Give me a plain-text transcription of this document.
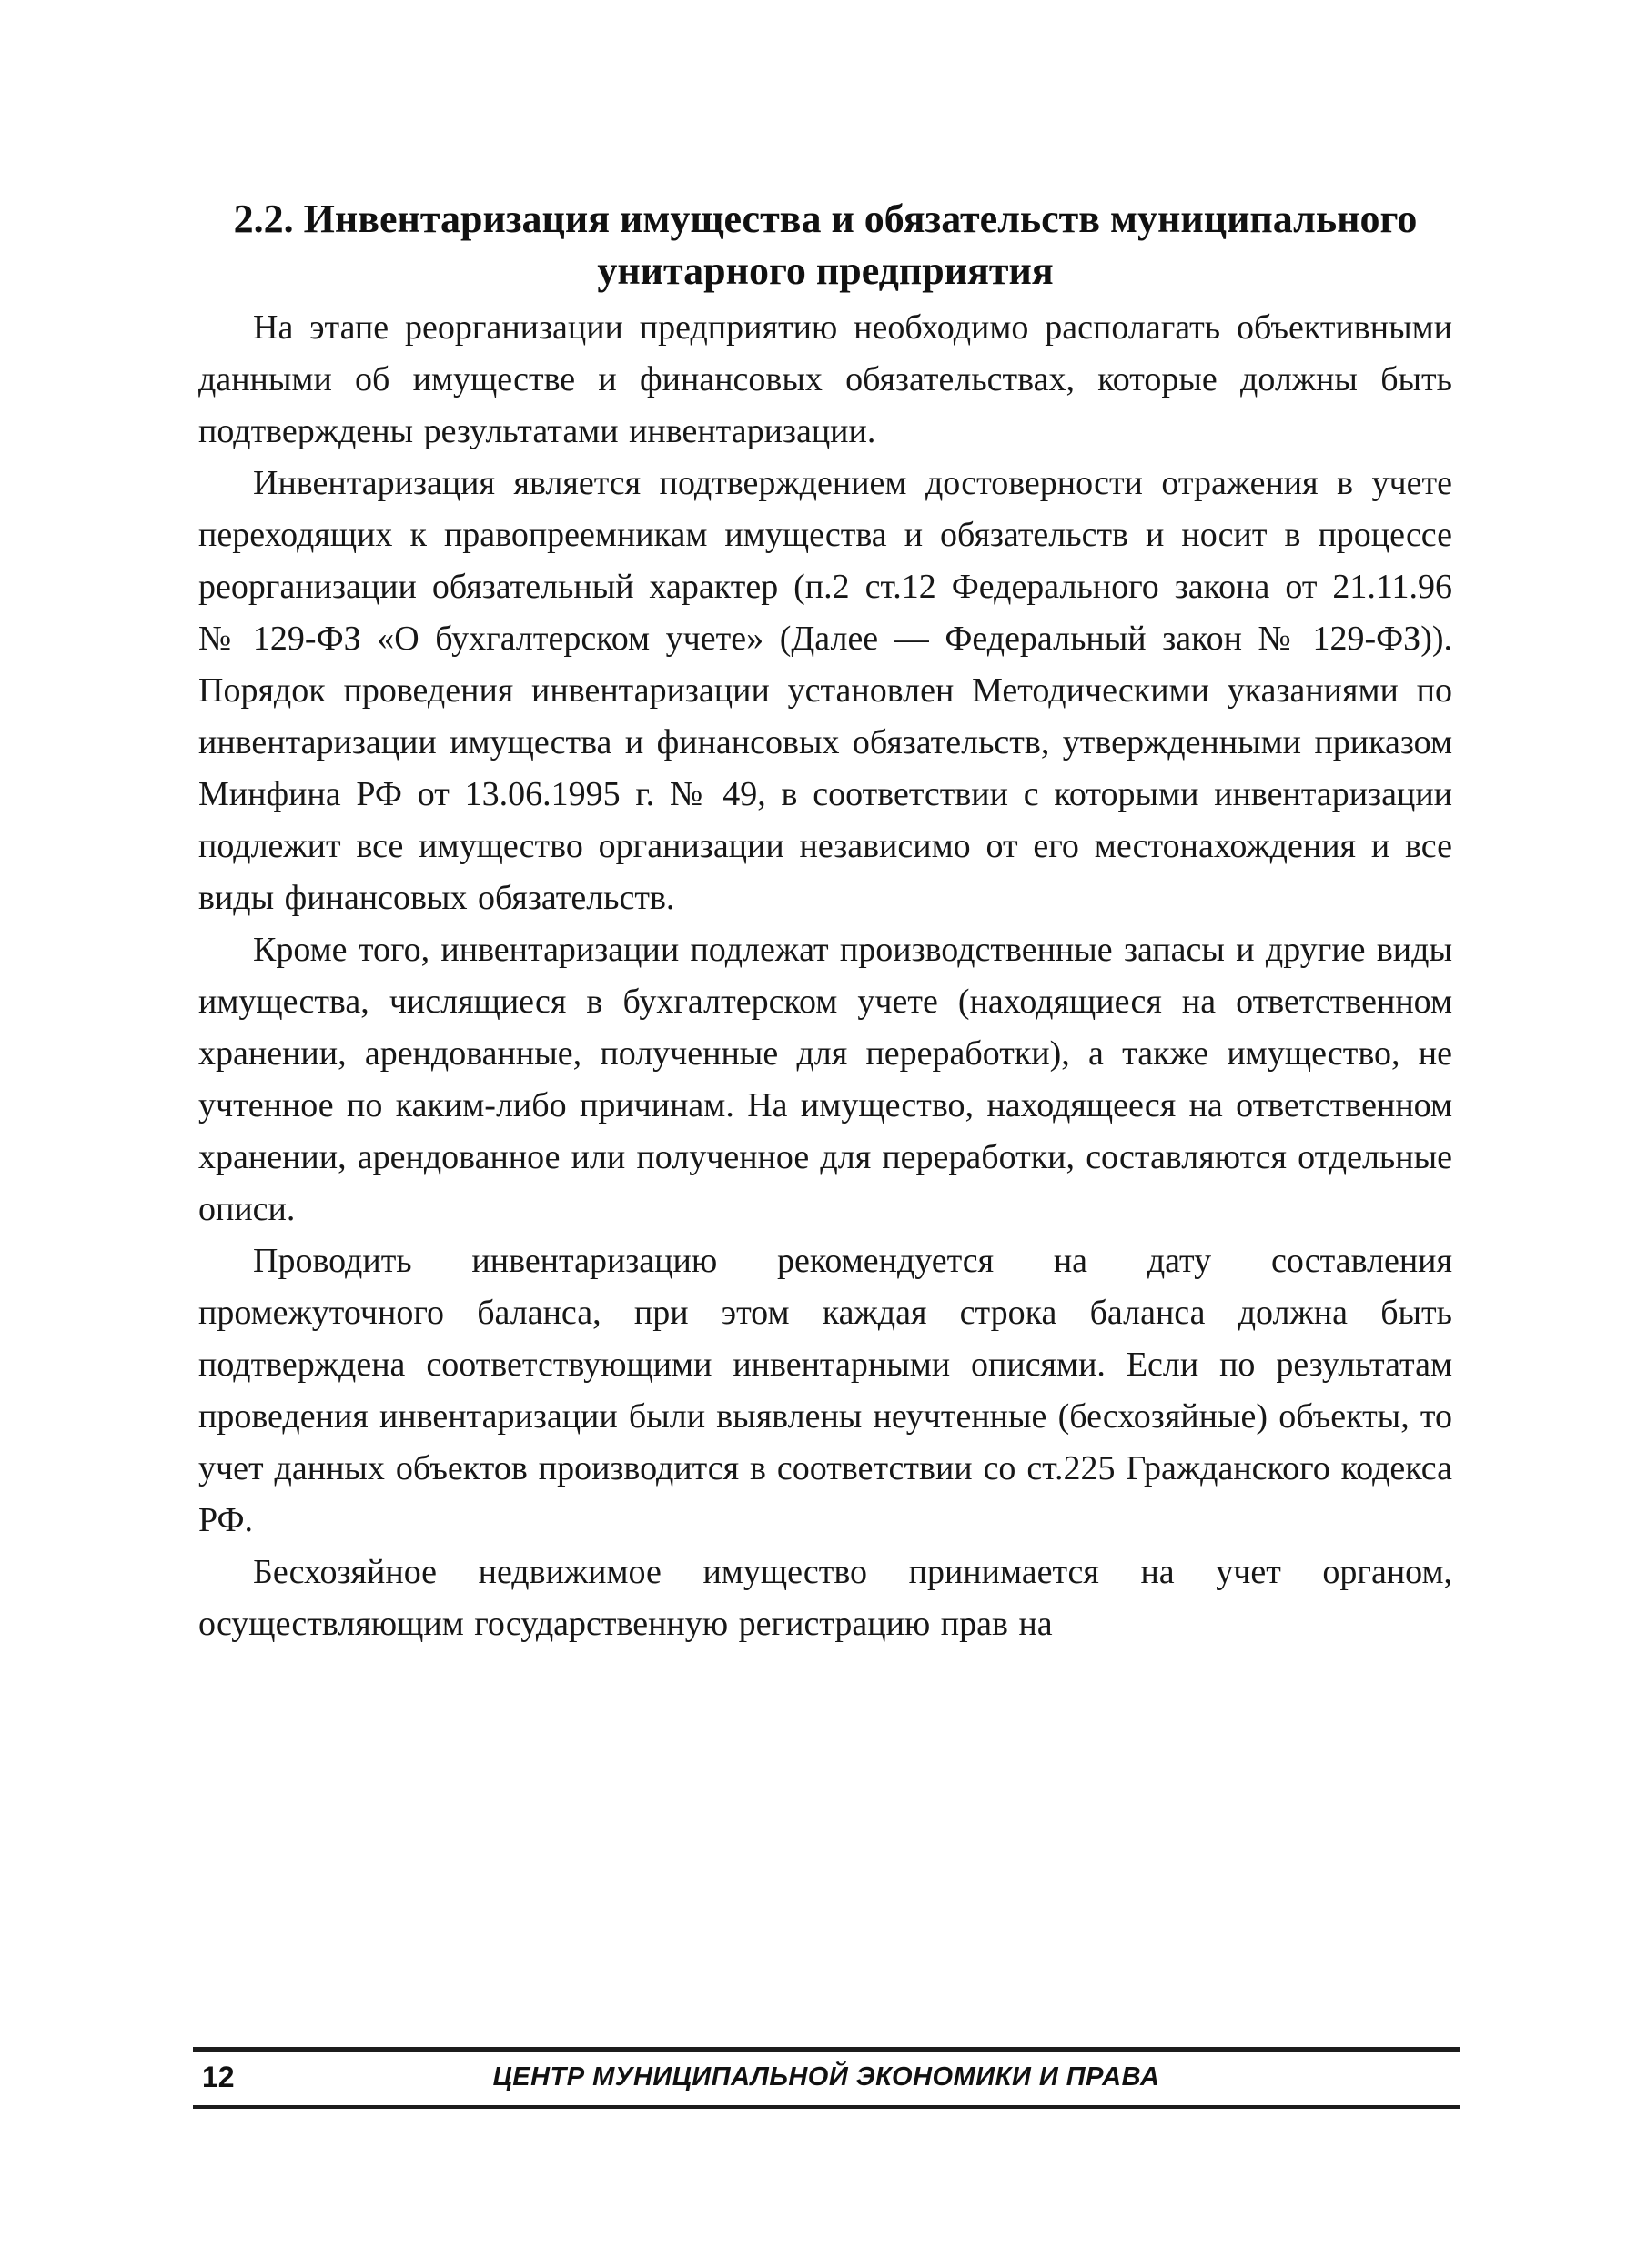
2.2. Инвентаризация имущества и обязательств муниципального унитарного предприятия

На этапе реорганизации предприятию необходимо располагать объективными данными об имуществе и финансовых обязательствах, которые должны быть подтверждены результатами инвентаризации.

Инвентаризация является подтверждением достоверности отражения в учете переходящих к правопреемникам имущества и обязательств и носит в процессе реорганизации обязательный характер (п.2 ст.12 Федерального закона от 21.11.96 № 129-ФЗ «О бухгалтерском учете» (Далее — Федеральный закон № 129-ФЗ)). Порядок проведения инвентаризации установлен Методическими указаниями по инвентаризации имущества и финансовых обязательств, утвержденными приказом Минфина РФ от 13.06.1995 г. № 49, в соответствии с которыми инвентаризации подлежит все имущество организации независимо от его местонахождения и все виды финансовых обязательств.

Кроме того, инвентаризации подлежат производственные запасы и другие виды имущества, числящиеся в бухгалтерском учете (находящиеся на ответственном хранении, арендованные, полученные для переработки), а также имущество, не учтенное по каким-либо причинам. На имущество, находящееся на ответственном хранении, арендованное или полученное для переработки, составляются отдельные описи.

Проводить инвентаризацию рекомендуется на дату составления промежуточного баланса, при этом каждая строка баланса должна быть подтверждена соответствующими инвентарными описями. Если по результатам проведения инвентаризации были выявлены неучтенные (бесхозяйные) объекты, то учет данных объектов производится в соответствии со ст.225 Гражданского кодекса РФ.

Бесхозяйное недвижимое имущество принимается на учет органом, осуществляющим государственную регистрацию прав на

12	ЦЕНТР МУНИЦИПАЛЬНОЙ ЭКОНОМИКИ И ПРАВА
